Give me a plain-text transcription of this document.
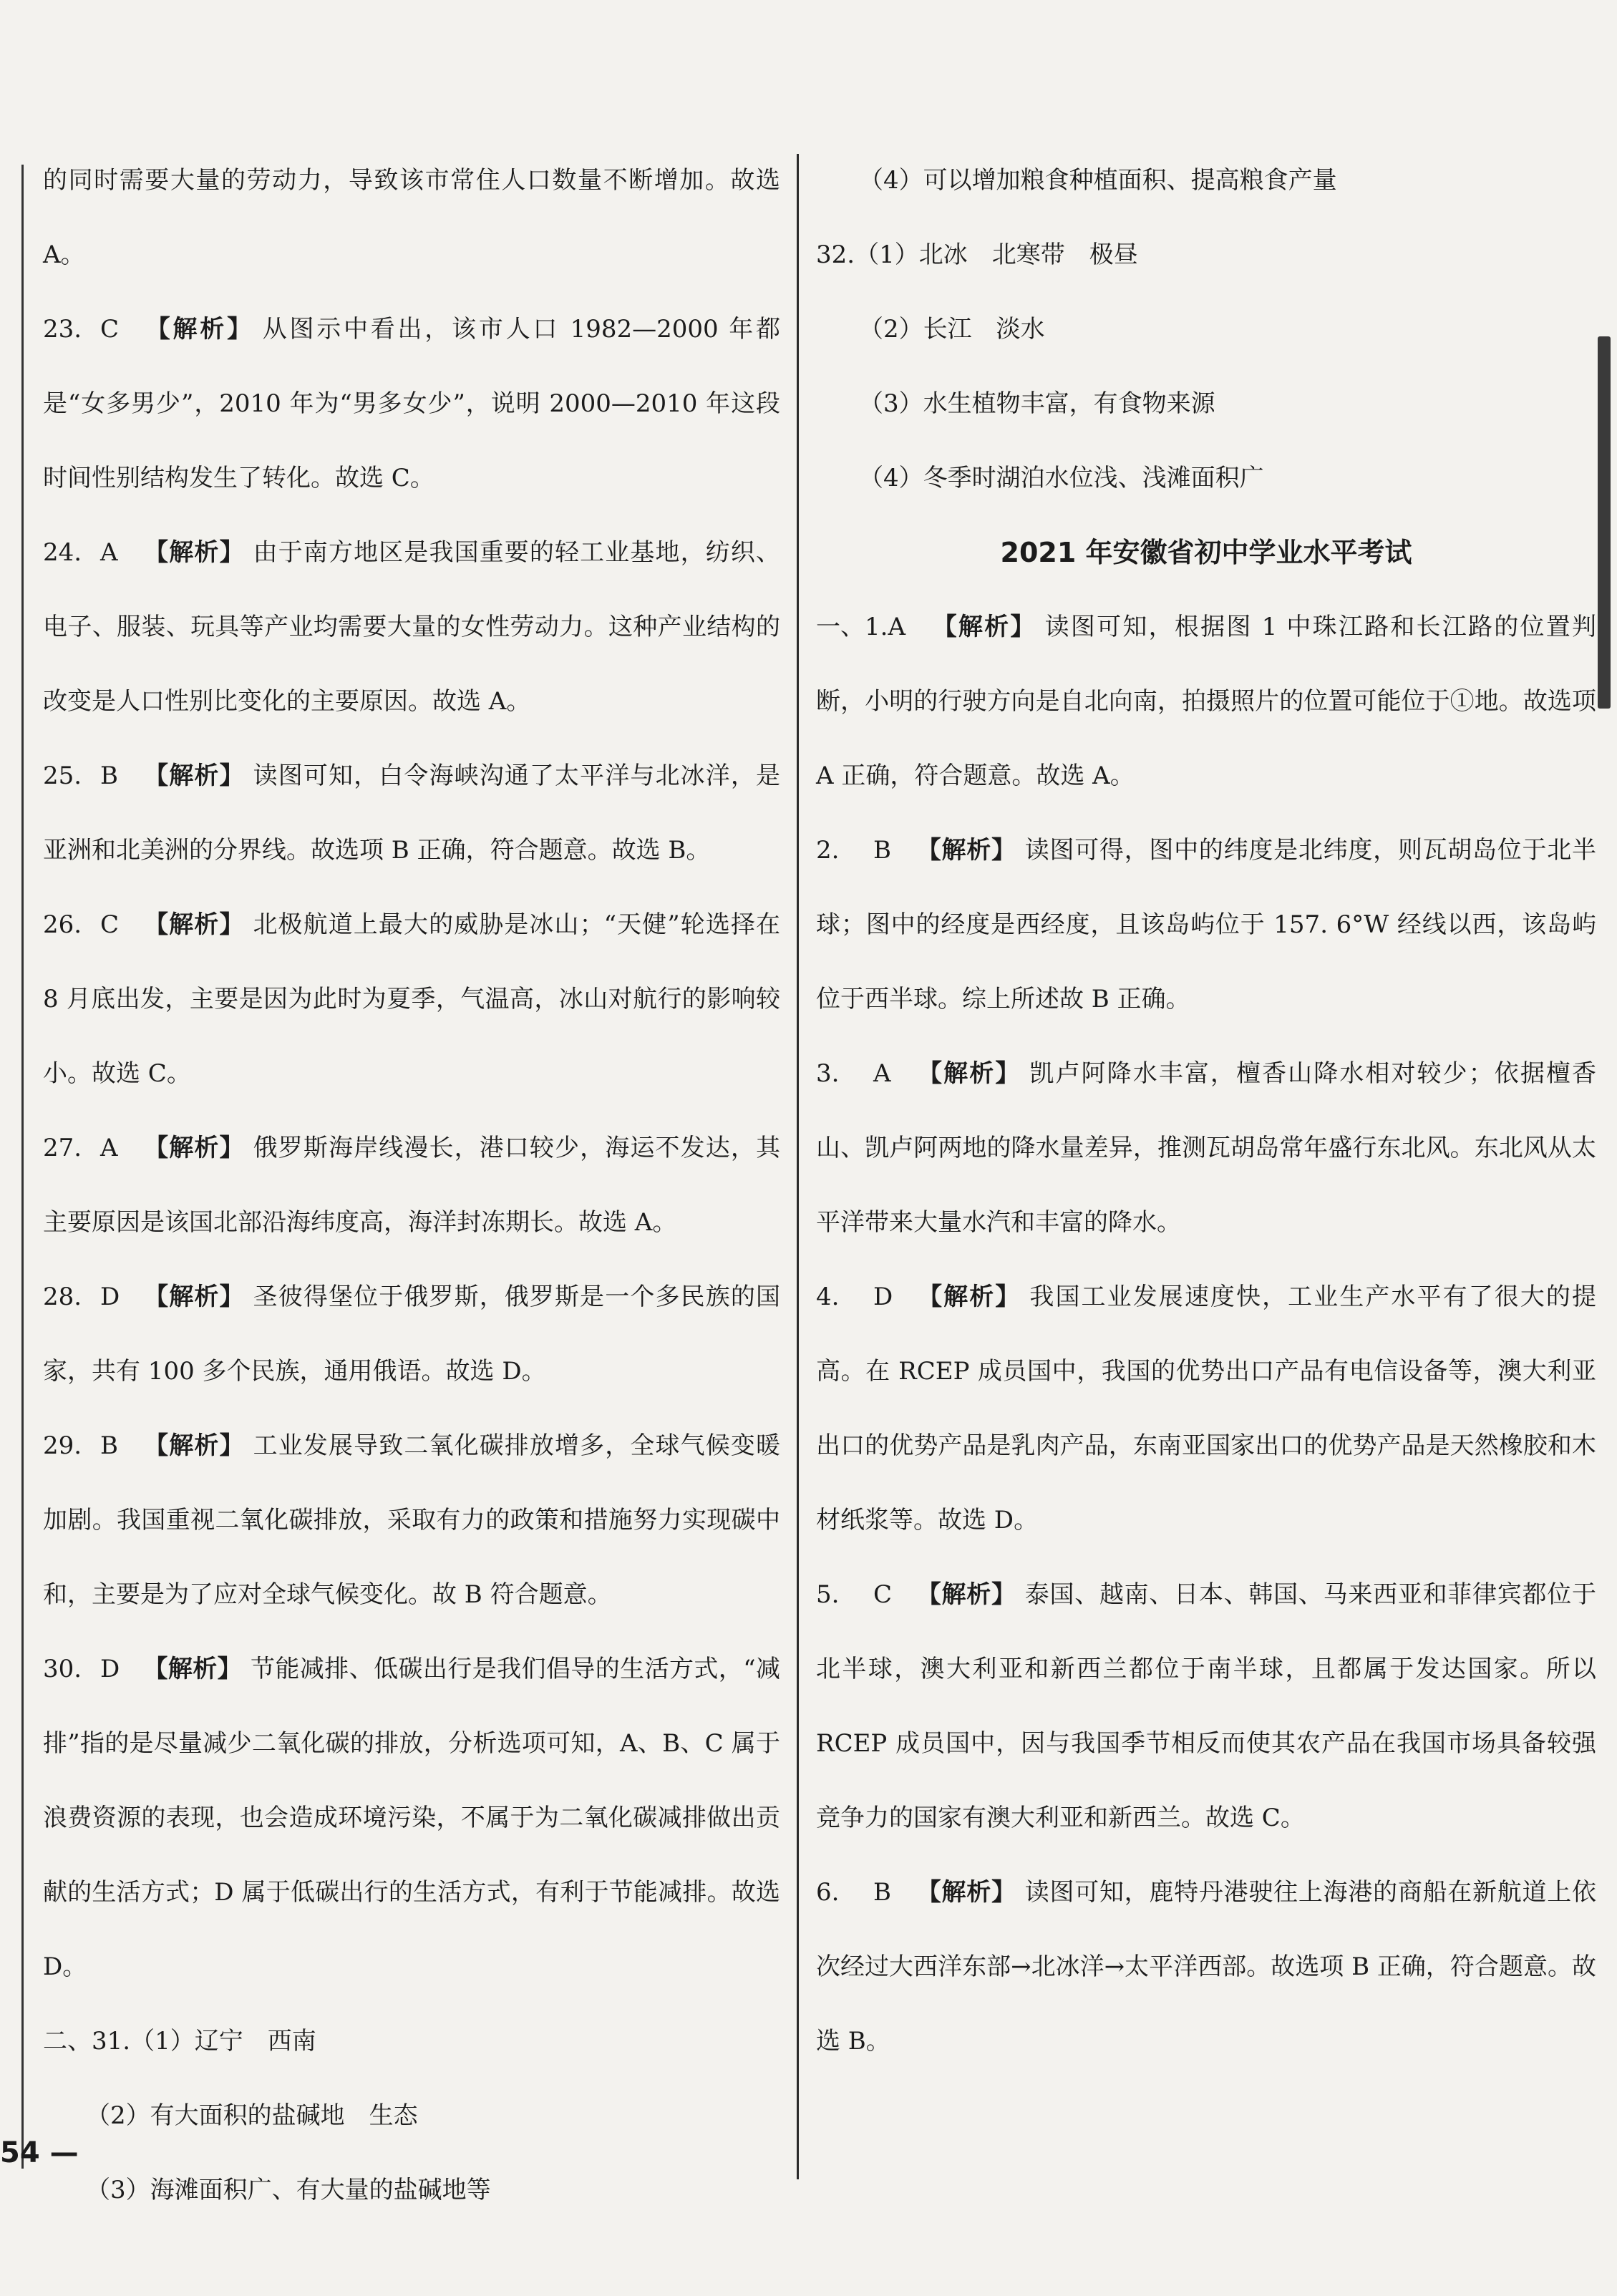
的同时需要大量的劳动力，导致该市常住人口数量不断增加。故选 A。

23. C 【解析】 从图示中看出，该市人口 1982—2000 年都是“女多男少”，2010 年为“男多女少”，说明 2000—2010 年这段时间性别结构发生了转化。故选 C。

24. A 【解析】 由于南方地区是我国重要的轻工业基地，纺织、电子、服装、玩具等产业均需要大量的女性劳动力。这种产业结构的改变是人口性别比变化的主要原因。故选 A。

25. B 【解析】 读图可知，白令海峡沟通了太平洋与北冰洋，是亚洲和北美洲的分界线。故选项 B 正确，符合题意。故选 B。

26. C 【解析】 北极航道上最大的威胁是冰山；“天健”轮选择在 8 月底出发，主要是因为此时为夏季，气温高，冰山对航行的影响较小。故选 C。

27. A 【解析】 俄罗斯海岸线漫长，港口较少，海运不发达，其主要原因是该国北部沿海纬度高，海洋封冻期长。故选 A。

28. D 【解析】 圣彼得堡位于俄罗斯，俄罗斯是一个多民族的国家，共有 100 多个民族，通用俄语。故选 D。

29. B 【解析】 工业发展导致二氧化碳排放增多，全球气候变暖加剧。我国重视二氧化碳排放，采取有力的政策和措施努力实现碳中和，主要是为了应对全球气候变化。故 B 符合题意。

30. D 【解析】 节能减排、低碳出行是我们倡导的生活方式，“减排”指的是尽量减少二氧化碳的排放，分析选项可知，A、B、C 属于浪费资源的表现，也会造成环境污染，不属于为二氧化碳减排做出贡献的生活方式；D 属于低碳出行的生活方式，有利于节能减排。故选 D。

二、31.（1）辽宁　西南

（2）有大面积的盐碱地　生态

（3）海滩面积广、有大量的盐碱地等

（4）可以增加粮食种植面积、提高粮食产量

32.（1）北冰　北寒带　极昼

（2）长江　淡水

（3）水生植物丰富，有食物来源

（4）冬季时湖泊水位浅、浅滩面积广

2021 年安徽省初中学业水平考试

一、1.A 【解析】 读图可知，根据图 1 中珠江路和长江路的位置判断，小明的行驶方向是自北向南，拍摄照片的位置可能位于①地。故选项 A 正确，符合题意。故选 A。

2. B 【解析】 读图可得，图中的纬度是北纬度，则瓦胡岛位于北半球；图中的经度是西经度，且该岛屿位于 157. 6°W 经线以西，该岛屿位于西半球。综上所述故 B 正确。

3. A 【解析】 凯卢阿降水丰富，檀香山降水相对较少；依据檀香山、凯卢阿两地的降水量差异，推测瓦胡岛常年盛行东北风。东北风从太平洋带来大量水汽和丰富的降水。

4. D 【解析】 我国工业发展速度快，工业生产水平有了很大的提高。在 RCEP 成员国中，我国的优势出口产品有电信设备等，澳大利亚出口的优势产品是乳肉产品，东南亚国家出口的优势产品是天然橡胶和木材纸浆等。故选 D。

5. C 【解析】 泰国、越南、日本、韩国、马来西亚和菲律宾都位于北半球，澳大利亚和新西兰都位于南半球，且都属于发达国家。所以 RCEP 成员国中，因与我国季节相反而使其农产品在我国市场具备较强竞争力的国家有澳大利亚和新西兰。故选 C。

6. B 【解析】 读图可知，鹿特丹港驶往上海港的商船在新航道上依次经过大西洋东部→北冰洋→太平洋西部。故选项 B 正确，符合题意。故选 B。

54 —
